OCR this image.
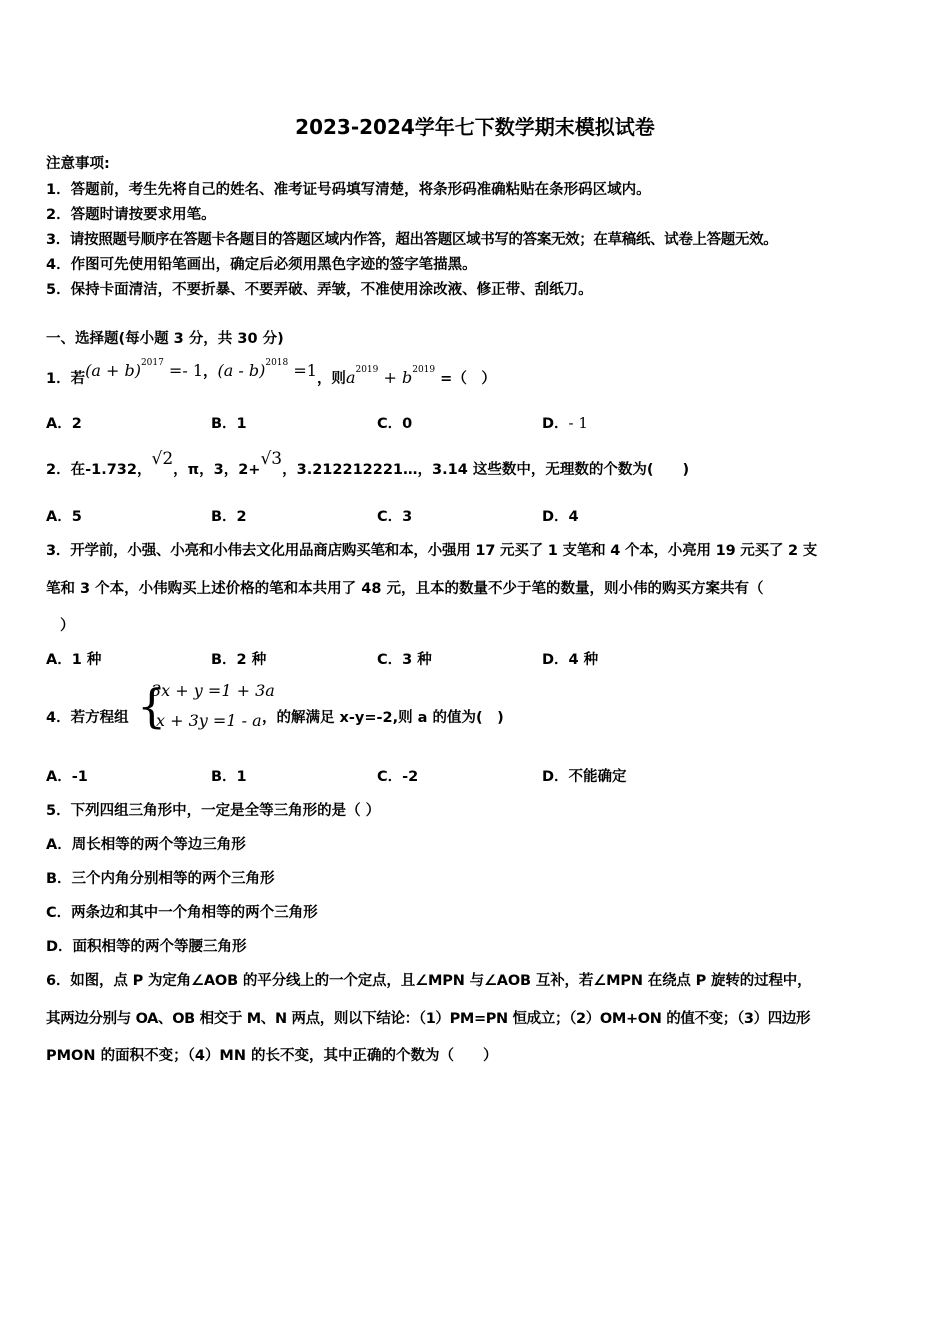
2023-2024学年七下数学期末模拟试卷
注意事项:
1．答题前，考生先将自己的姓名、准考证号码填写清楚，将条形码准确粘贴在条形码区域内。
2．答题时请按要求用笔。
3．请按照题号顺序在答题卡各题目的答题区域内作答，超出答题区域书写的答案无效；在草稿纸、试卷上答题无效。
4．作图可先使用铅笔画出，确定后必须用黑色字迹的签字笔描黑。
5．保持卡面清洁，不要折暴、不要弄破、弄皱，不准使用涂改液、修正带、刮纸刀。
一、选择题(每小题 3 分，共 30 分)
1．若$(a + b)^{2017} =- 1$，(a - b)$^{2018}$ =1，则$a^{2019} + b^{2019}$ =（　）
A．2	B．1	C．0	D．- 1
2．在-1.732，√2，π，3，2+√3，3.212212221…，3.14 这些数中，无理数的个数为(　　)
A．5	B．2	C．3	D．4
3．开学前，小强、小亮和小伟去文化用品商店购买笔和本，小强用 17 元买了 1 支笔和 4 个本，小亮用 19 元买了 2 支
笔和 3 个本，小伟购买上述价格的笔和本共用了 48 元，且本的数量不少于笔的数量，则小伟的购买方案共有（
）
A．1 种	B．2 种	C．3 种	D．4 种
4．若方程组 {
3x + y =1 + 3a
x + 3y =1 - a ，的解满足 x-y=-2,则 a 的值为(　)
A．-1	B．1	C．-2	D．不能确定
5．下列四组三角形中，一定是全等三角形的是（ ）
A．周长相等的两个等边三角形
B．三个内角分别相等的两个三角形
C．两条边和其中一个角相等的两个三角形
D．面积相等的两个等腰三角形
6．如图，点 P 为定角∠AOB 的平分线上的一个定点，且∠MPN 与∠AOB 互补，若∠MPN 在绕点 P 旋转的过程中，
其两边分别与 OA、OB 相交于 M、N 两点，则以下结论：（1）PM=PN 恒成立；（2）OM+ON 的值不变；（3）四边形
PMON 的面积不变；（4）MN 的长不变，其中正确的个数为（　　）
